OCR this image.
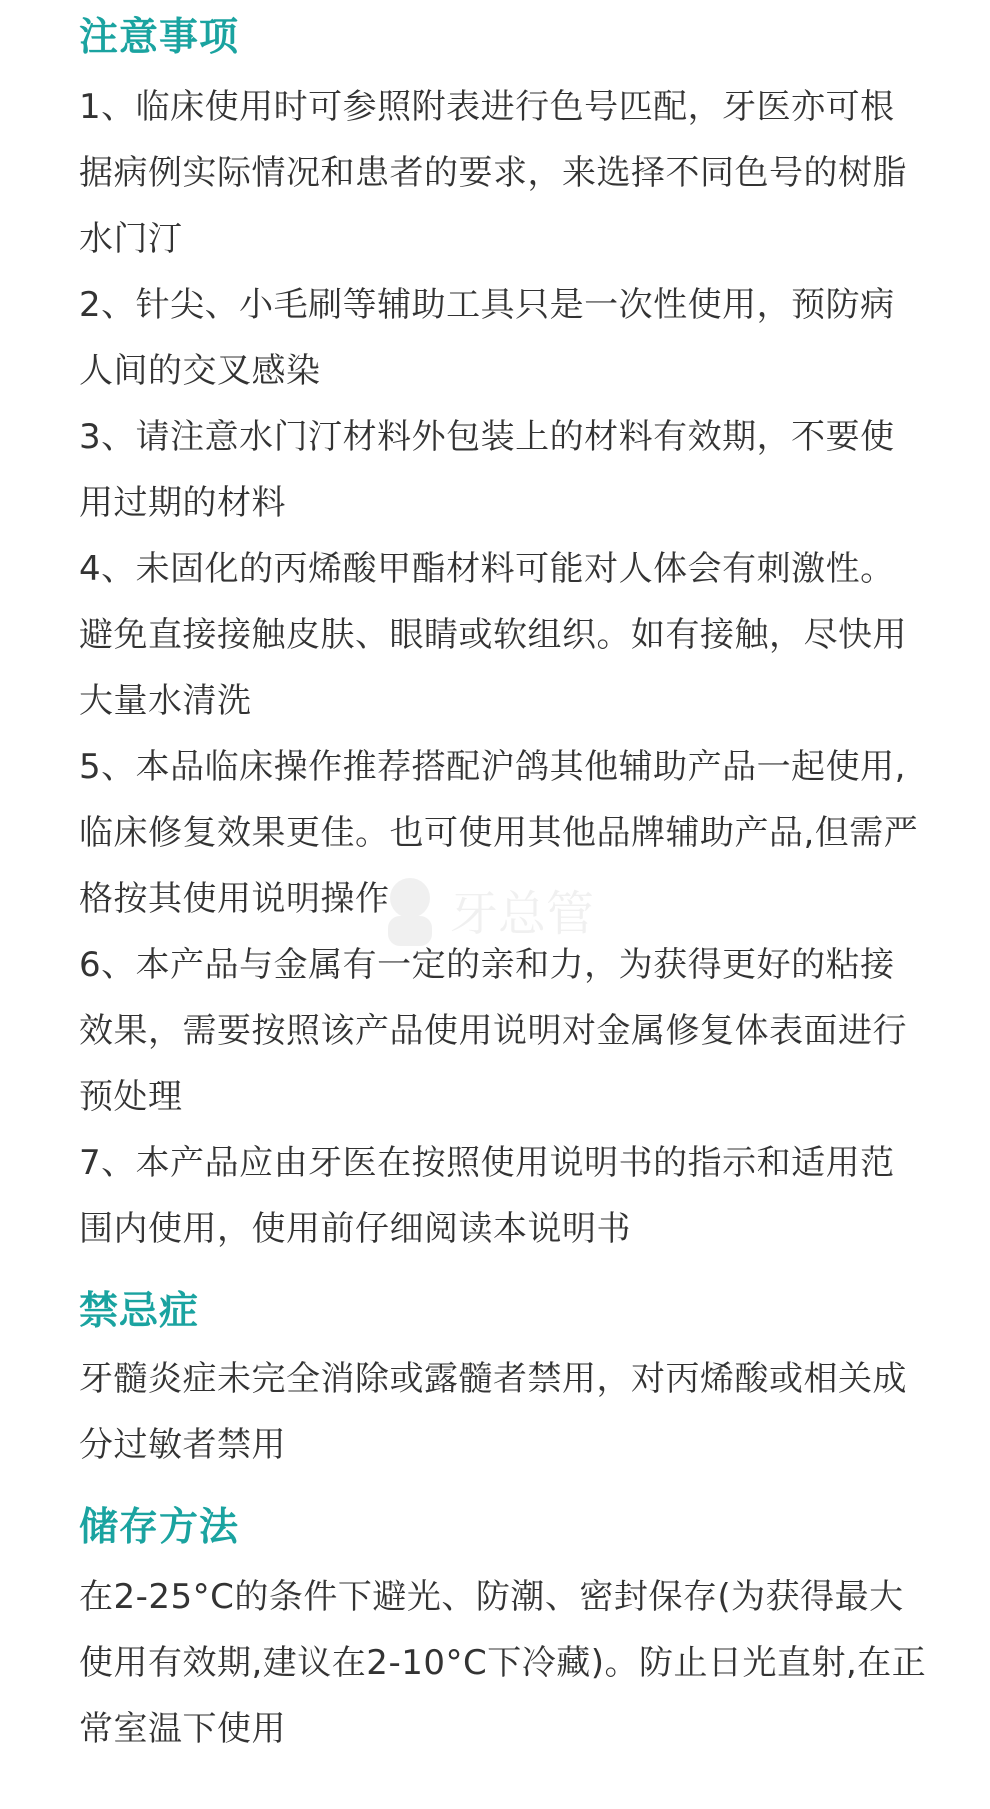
注意事项

1、临床使用时可参照附表进行色号匹配，牙医亦可根据病例实际情况和患者的要求，来选择不同色号的树脂水门汀

2、针尖、小毛刷等辅助工具只是一次性使用，预防病人间的交叉感染

3、请注意水门汀材料外包装上的材料有效期，不要使用过期的材料

4、未固化的丙烯酸甲酯材料可能对人体会有刺激性。避免直接接触皮肤、眼睛或软组织。如有接触，尽快用大量水清洗

5、本品临床操作推荐搭配沪鸽其他辅助产品一起使用,临床修复效果更佳。也可使用其他品牌辅助产品,但需严格按其使用说明操作

6、本产品与金属有一定的亲和力，为获得更好的粘接效果，需要按照该产品使用说明对金属修复体表面进行预处理

7、本产品应由牙医在按照使用说明书的指示和适用范围内使用，使用前仔细阅读本说明书

禁忌症

牙髓炎症未完全消除或露髓者禁用，对丙烯酸或相关成分过敏者禁用

储存方法

在2-25°C的条件下避光、防潮、密封保存(为获得最大使用有效期,建议在2-10°C下冷藏)。防止日光直射,在正常室温下使用

牙总管
